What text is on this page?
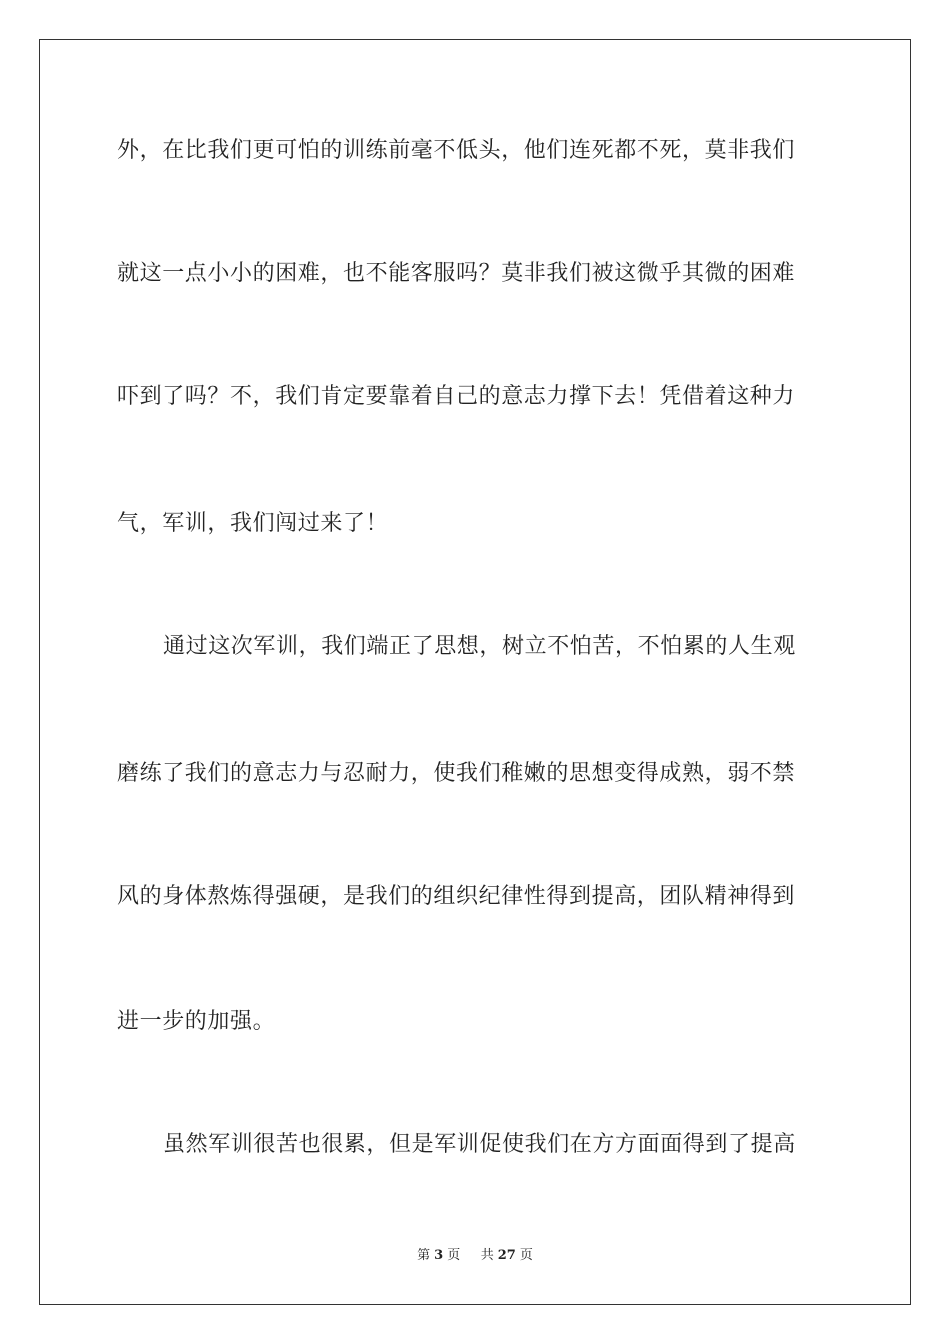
外，在比我们更可怕的训练前毫不低头，他们连死都不死，莫非我们
就这一点小小的困难，也不能客服吗？莫非我们被这微乎其微的困难
吓到了吗？不，我们肯定要靠着自己的意志力撑下去！凭借着这种力
气，军训，我们闯过来了！
通过这次军训，我们端正了思想，树立不怕苦，不怕累的人生观
磨练了我们的意志力与忍耐力，使我们稚嫩的思想变得成熟，弱不禁
风的身体熬炼得强硬，是我们的组织纪律性得到提高，团队精神得到
进一步的加强。
虽然军训很苦也很累，但是军训促使我们在方方面面得到了提高
第 3 页 共 27 页
